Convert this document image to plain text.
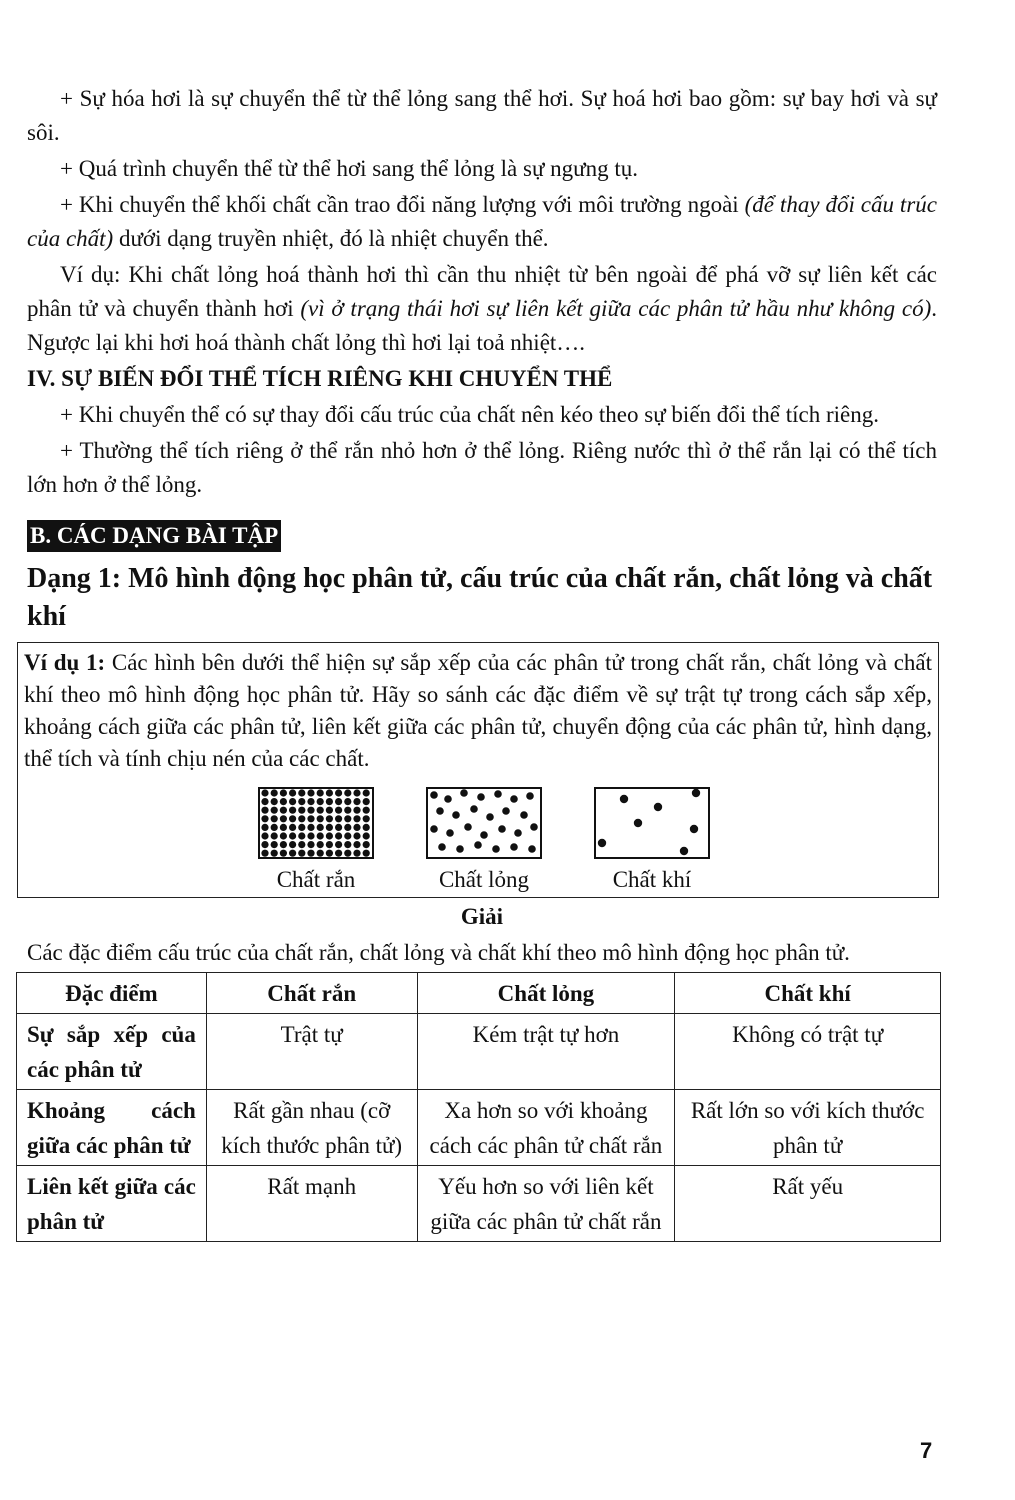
+ Sự hóa hơi là sự chuyển thể từ thể lỏng sang thể hơi. Sự hoá hơi bao gồm: sự bay hơi và sự sôi.

+ Quá trình chuyển thể từ thể hơi sang thể lỏng là sự ngưng tụ.

+ Khi chuyển thể khối chất cần trao đổi năng lượng với môi trường ngoài (để thay đổi cấu trúc của chất) dưới dạng truyền nhiệt, đó là nhiệt chuyển thể.

Ví dụ: Khi chất lỏng hoá thành hơi thì cần thu nhiệt từ bên ngoài để phá vỡ sự liên kết các phân tử và chuyển thành hơi (vì ở trạng thái hơi sự liên kết giữa các phân tử hầu như không có). Ngược lại khi hơi hoá thành chất lỏng thì hơi lại toả nhiệt….

IV. SỰ BIẾN ĐỔI THỂ TÍCH RIÊNG KHI CHUYỂN THỂ

+ Khi chuyển thể có sự thay đổi cấu trúc của chất nên kéo theo sự biến đổi thể tích riêng.

+ Thường thể tích riêng ở thể rắn nhỏ hơn ở thể lỏng. Riêng nước thì ở thể rắn lại có thể tích lớn hơn ở thể lỏng.

B. CÁC DẠNG BÀI TẬP

Dạng 1: Mô hình động học phân tử, cấu trúc của chất rắn, chất lỏng và chất khí

Ví dụ 1: Các hình bên dưới thể hiện sự sắp xếp của các phân tử trong chất rắn, chất lỏng và chất khí theo mô hình động học phân tử. Hãy so sánh các đặc điểm về sự trật tự trong cách sắp xếp, khoảng cách giữa các phân tử, liên kết giữa các phân tử, chuyển động của các phân tử, hình dạng, thể tích và tính chịu nén của các chất.

Chất rắn	Chất lỏng	Chất khí
Giải

Các đặc điểm cấu trúc của chất rắn, chất lỏng và chất khí theo mô hình động học phân tử.

Đặc điểm	Chất rắn	Chất lỏng	Chất khí
Sự sắp xếp của các phân tử	Trật tự	Kém trật tự hơn	Không có trật tự
Khoảng cách giữa các phân tử	Rất gần nhau (cỡ kích thước phân tử)	Xa hơn so với khoảng cách các phân tử chất rắn	Rất lớn so với kích thước phân tử
Liên kết giữa các phân tử	Rất mạnh	Yếu hơn so với liên kết giữa các phân tử chất rắn	Rất yếu
7
